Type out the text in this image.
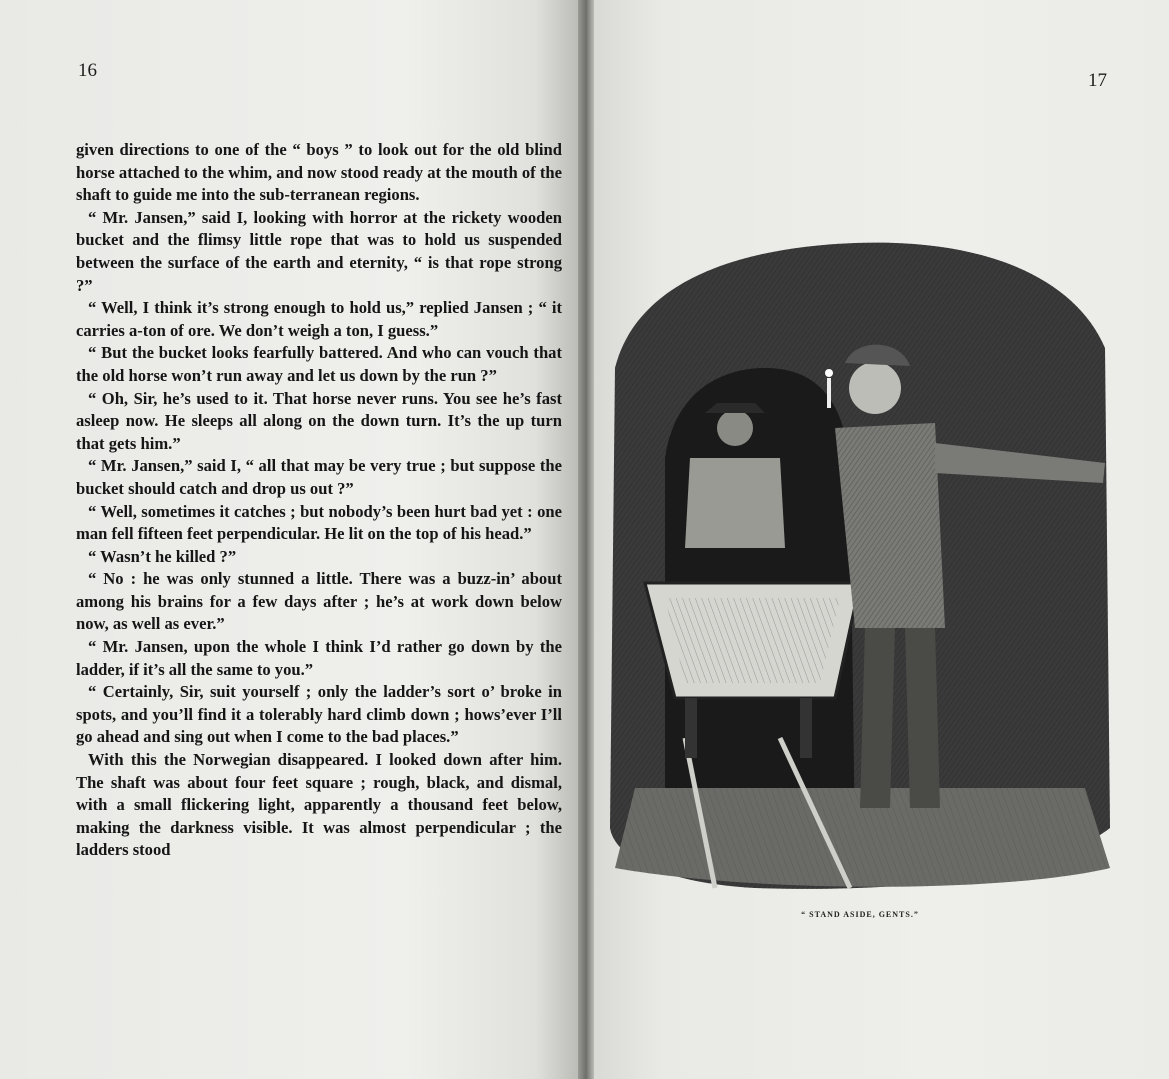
16	17

given directions to one of the “ boys ” to look out for the old blind horse attached to the whim, and now stood ready at the mouth of the shaft to guide me into the sub-terranean regions.

“ Mr. Jansen,” said I, looking with horror at the rickety wooden bucket and the flimsy little rope that was to hold us suspended between the surface of the earth and eternity, “ is that rope strong ?”

“ Well, I think it’s strong enough to hold us,” replied Jansen ; “ it carries a-ton of ore. We don’t weigh a ton, I guess.”

“ But the bucket looks fearfully battered. And who can vouch that the old horse won’t run away and let us down by the run ?”

“ Oh, Sir, he’s used to it. That horse never runs. You see he’s fast asleep now. He sleeps all along on the down turn. It’s the up turn that gets him.”

“ Mr. Jansen,” said I, “ all that may be very true ; but suppose the bucket should catch and drop us out ?”

“ Well, sometimes it catches ; but nobody’s been hurt bad yet : one man fell fifteen feet perpendicular. He lit on the top of his head.”

“ Wasn’t he killed ?”

“ No : he was only stunned a little. There was a buzz-in’ about among his brains for a few days after ; he’s at work down below now, as well as ever.”

“ Mr. Jansen, upon the whole I think I’d rather go down by the ladder, if it’s all the same to you.”

“ Certainly, Sir, suit yourself ; only the ladder’s sort o’ broke in spots, and you’ll find it a tolerably hard climb down ; hows’ever I’ll go ahead and sing out when I come to the bad places.”

With this the Norwegian disappeared. I looked down after him. The shaft was about four feet square ; rough, black, and dismal, with a small flickering light, apparently a thousand feet below, making the darkness visible. It was almost perpendicular ; the ladders stood

“ STAND ASIDE, GENTS.”
